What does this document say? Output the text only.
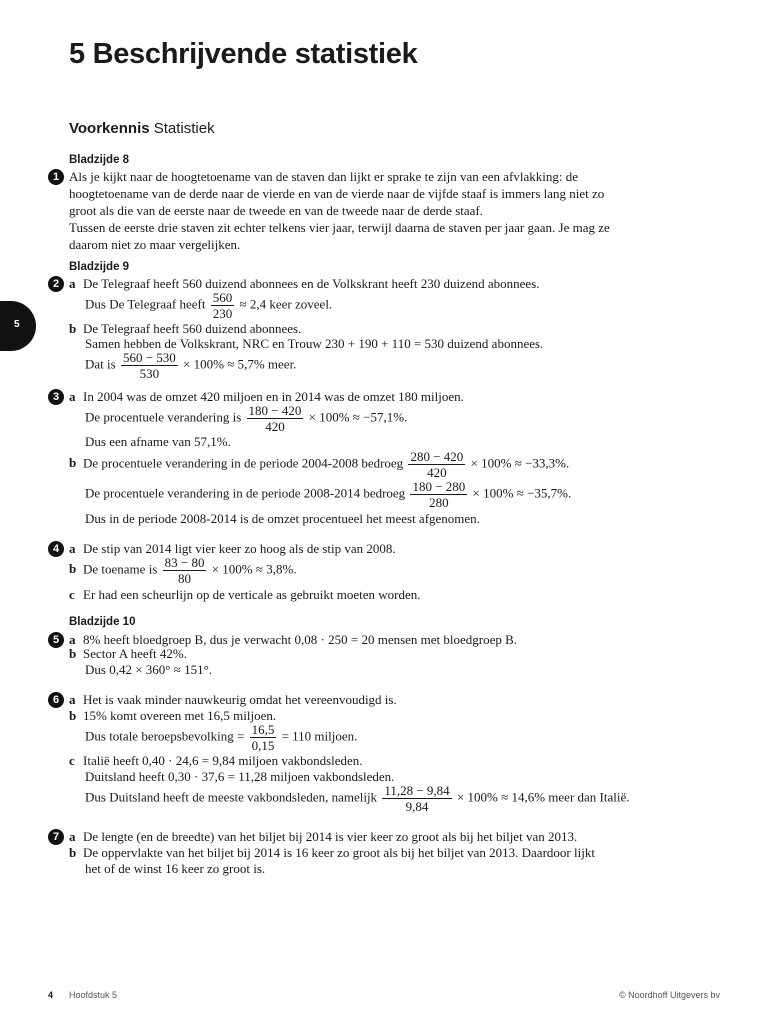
5 Beschrijvende statistiek
Voorkennis Statistiek
5
Bladzijde 8
1 Als je kijkt naar de hoogtetoename van de staven dan lijkt er sprake te zijn van een afvlakking: de
hoogtetoename van de derde naar de vierde en van de vierde naar de vijfde staaf is immers lang niet zo
groot als die van de eerste naar de tweede en van de tweede naar de derde staaf.
Tussen de eerste drie staven zit echter telkens vier jaar, terwijl daarna de staven per jaar gaan. Je mag ze
daarom niet zo maar vergelijken.
Bladzijde 9
2 a De Telegraaf heeft 560 duizend abonnees en de Volkskrant heeft 230 duizend abonnees.
Dus De Telegraaf heeft $\frac{560}{230} \approx 2,4$ keer zoveel.
b De Telegraaf heeft 560 duizend abonnees.
Samen hebben de Volkskrant, NRC en Trouw 230 + 190 + 110 = 530 duizend abonnees.
Dat is $\frac{560 - 530}{530} \times 100\% \approx 5,7\%$ meer.
3 a In 2004 was de omzet 420 miljoen en in 2014 was de omzet 180 miljoen.
De procentuele verandering is $\frac{180 - 420}{420} \times 100\% \approx -57,1\%$.
Dus een afname van 57,1%.
b De procentuele verandering in de periode 2004-2008 bedroeg $\frac{280 - 420}{420} \times 100\% \approx -33,3\%$.
De procentuele verandering in de periode 2008-2014 bedroeg $\frac{180 - 280}{280} \times 100\% \approx -35,7\%$.
Dus in de periode 2008-2014 is de omzet procentueel het meest afgenomen.
4 a De stip van 2014 ligt vier keer zo hoog als de stip van 2008.
b De toename is $\frac{83 - 80}{80} \times 100\% \approx 3,8\%$.
c Er had een scheurlijn op de verticale as gebruikt moeten worden.
Bladzijde 10
5 a 8% heeft bloedgroep B, dus je verwacht 0,08 · 250 = 20 mensen met bloedgroep B.
b Sector A heeft 42%.
Dus 0,42 × 360° ≈ 151°.
6 a Het is vaak minder nauwkeurig omdat het vereenvoudigd is.
b 15% komt overeen met 16,5 miljoen.
Dus totale beroepsbevolking = $\frac{16,5}{0,15} = 110$ miljoen.
c Italië heeft 0,40 · 24,6 = 9,84 miljoen vakbondsleden.
Duitsland heeft 0,30 · 37,6 = 11,28 miljoen vakbondsleden.
Dus Duitsland heeft de meeste vakbondsleden, namelijk $\frac{11,28 - 9,84}{9,84} \times 100\% \approx 14,6\%$ meer dan Italië.
7 a De lengte (en de breedte) van het biljet bij 2014 is vier keer zo groot als bij het biljet van 2013.
b De oppervlakte van het biljet bij 2014 is 16 keer zo groot als bij het biljet van 2013. Daardoor lijkt
het of de winst 16 keer zo groot is.
4 Hoofdstuk 5	© Noordhoff Uitgevers bv
